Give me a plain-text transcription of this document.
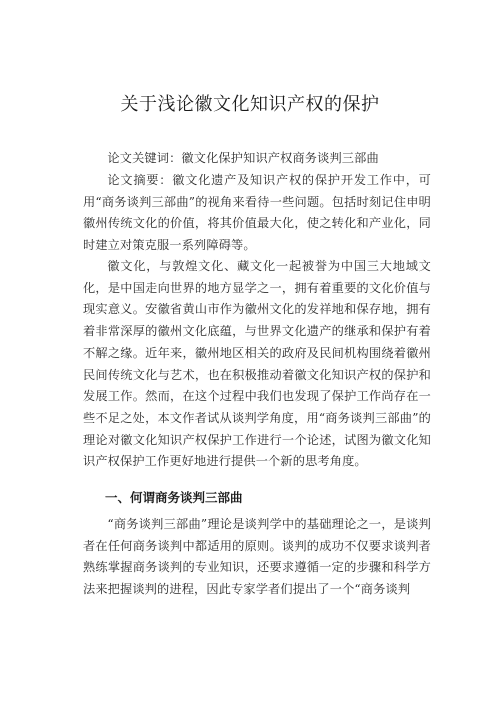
关于浅论徽文化知识产权的保护
论文关键词：徽文化保护知识产权商务谈判三部曲
论文摘要：徽文化遗产及知识产权的保护开发工作中，可用“商务谈判三部曲”的视角来看待一些问题。包括时刻记住申明徽州传统文化的价值，将其价值最大化，使之转化和产业化，同时建立对策克服一系列障碍等。
徽文化，与敦煌文化、藏文化一起被誉为中国三大地域文化，是中国走向世界的地方显学之一，拥有着重要的文化价值与现实意义。安徽省黄山市作为徽州文化的发祥地和保存地，拥有着非常深厚的徽州文化底蕴，与世界文化遗产的继承和保护有着不解之缘。近年来，徽州地区相关的政府及民间机构围绕着徽州民间传统文化与艺术，也在积极推动着徽文化知识产权的保护和发展工作。然而，在这个过程中我们也发现了保护工作尚存在一些不足之处，本文作者试从谈判学角度，用“商务谈判三部曲”的理论对徽文化知识产权保护工作进行一个论述，试图为徽文化知识产权保护工作更好地进行提供一个新的思考角度。
一、何谓商务谈判三部曲
“商务谈判三部曲”理论是谈判学中的基础理论之一，是谈判者在任何商务谈判中都适用的原则。谈判的成功不仅要求谈判者熟练掌握商务谈判的专业知识，还要求遵循一定的步骤和科学方法来把握谈判的进程，因此专家学者们提出了一个“商务谈判
